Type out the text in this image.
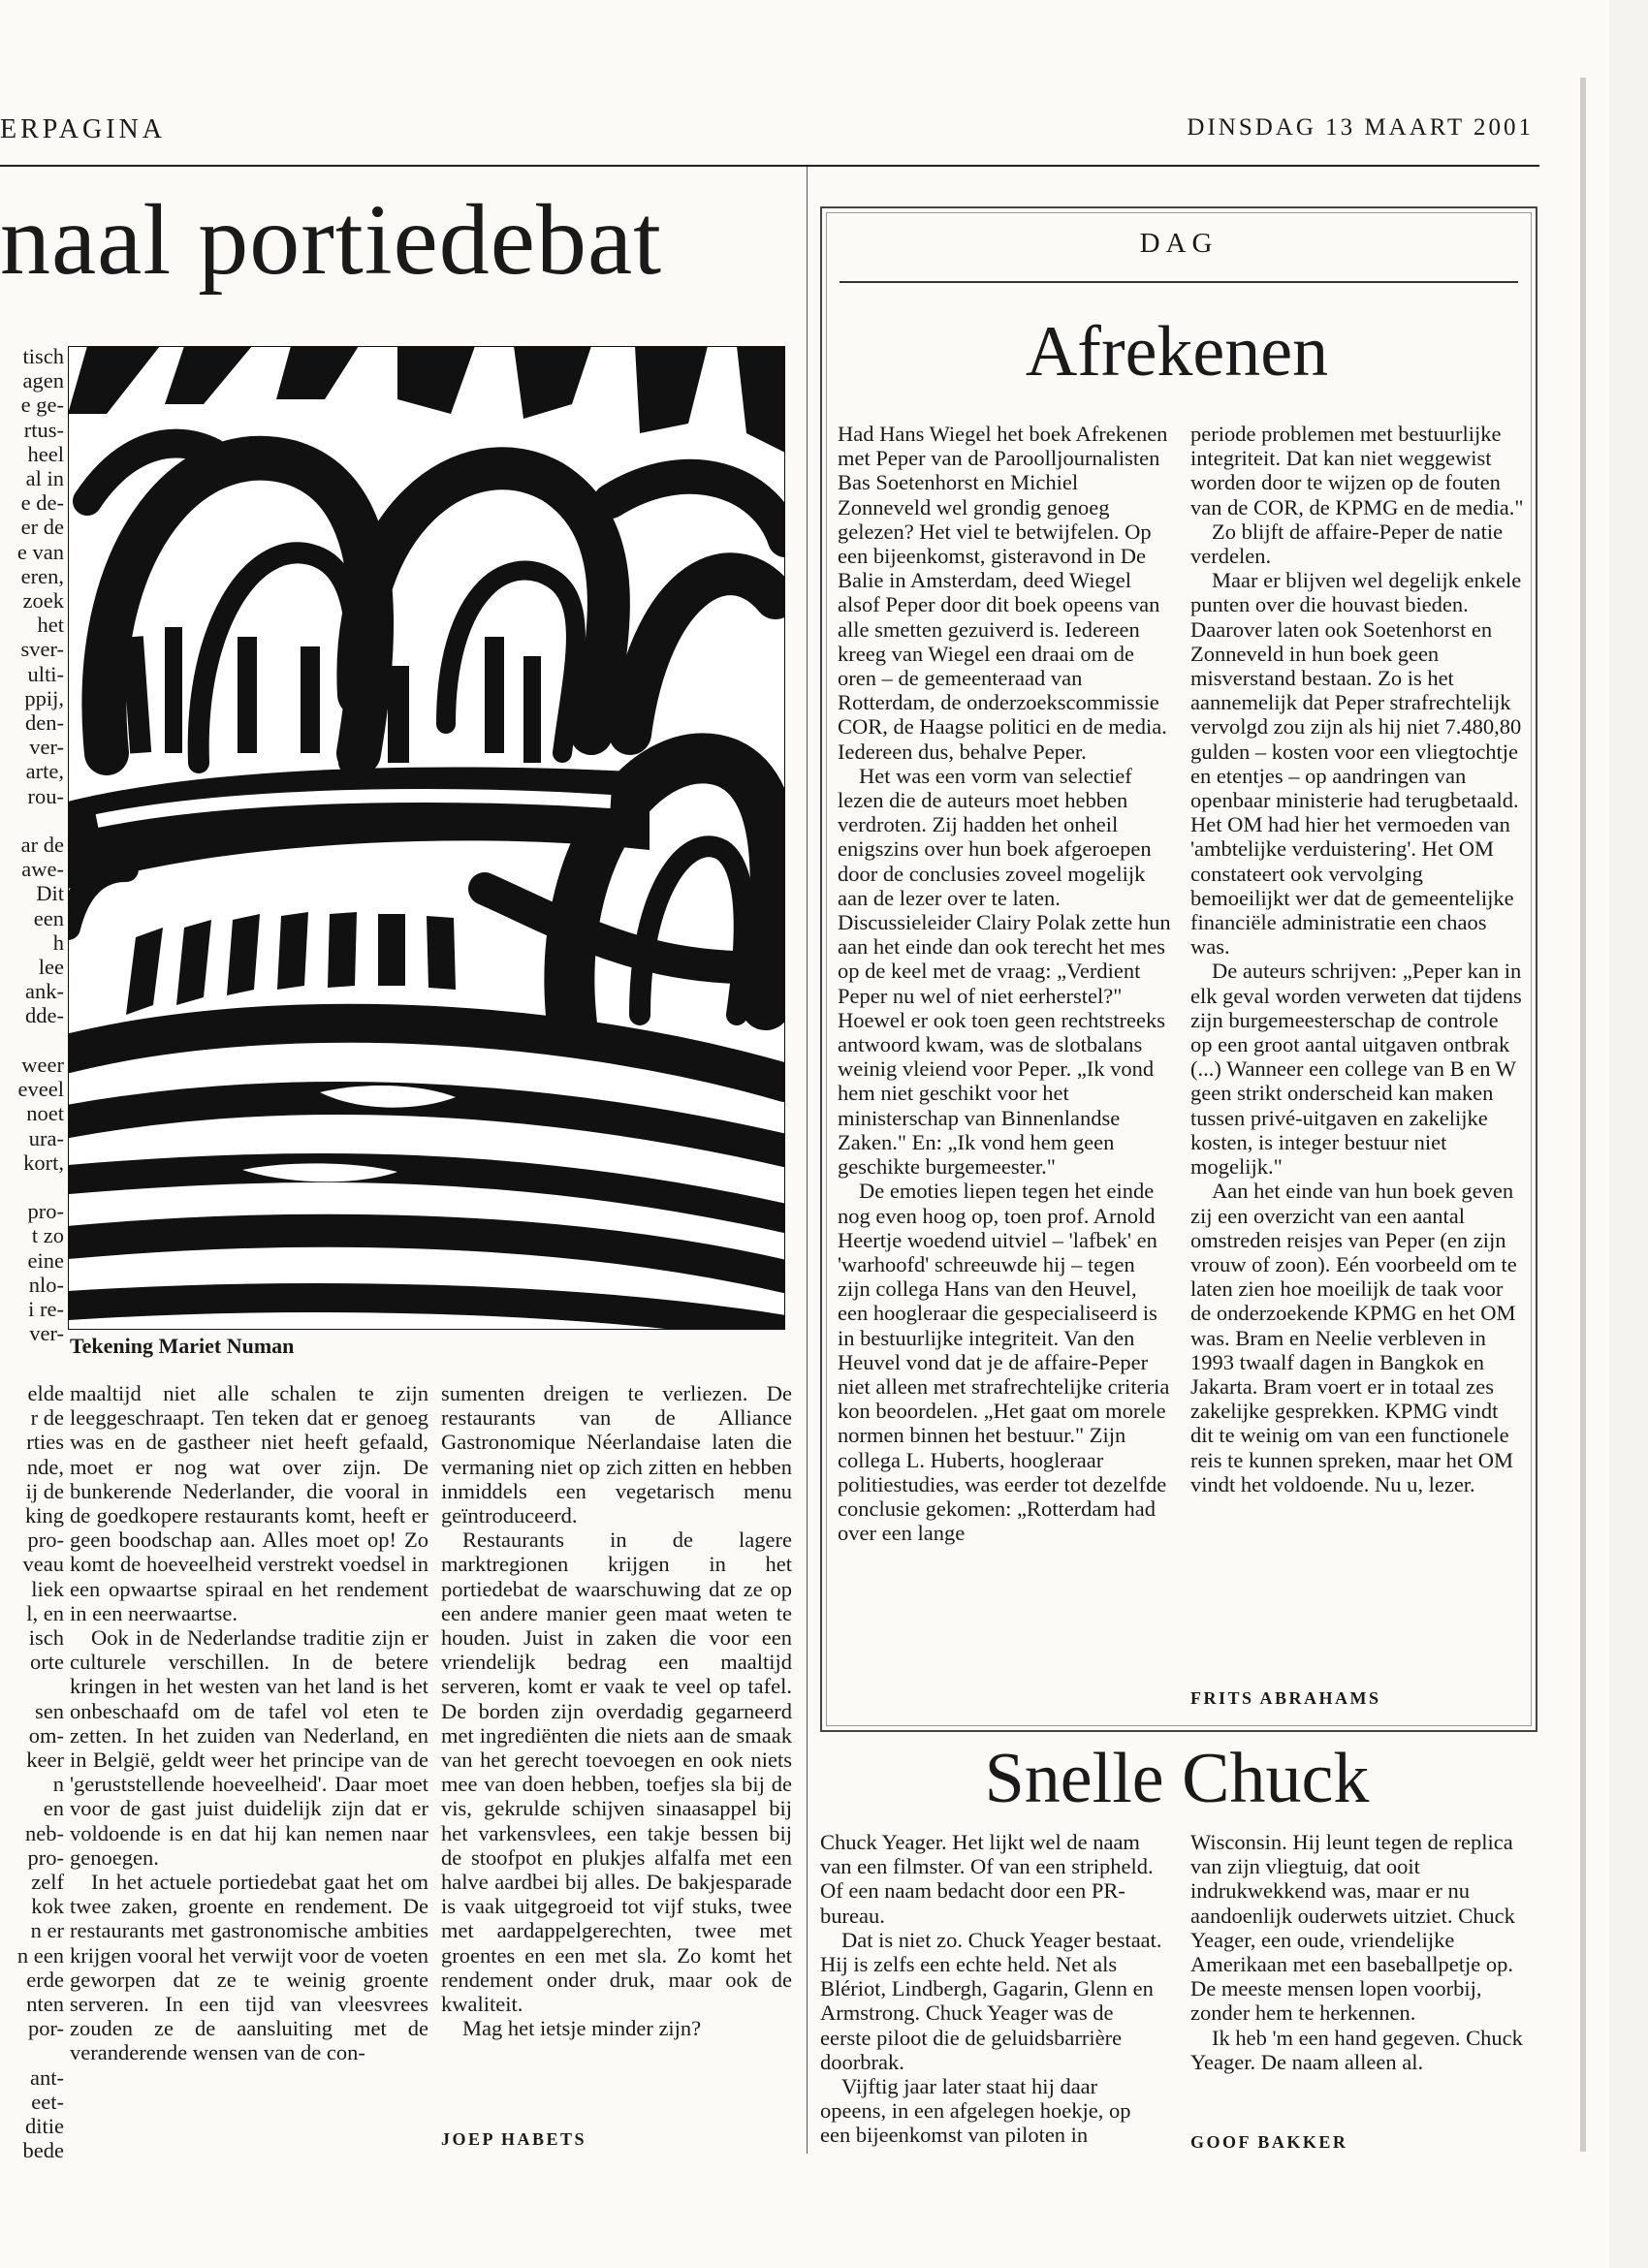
ERPAGINA	DINSDAG 13 MAART 2001
naal portiedebat
tisch
agen
e ge-
rtus-
heel
al in
e de-
er de
e van
eren,
zoek
het
sver-
ulti-
ppij,
den-
ver-
arte,
rou-

ar de
awe-
Dit
een
h
lee
ank-
dde-

weer
eveel
noet
ura-
kort,

pro-
t zo
eine
nlo-
i re-
ver-
elde
r de
rties
nde,
ij de
king
pro-
veau
liek
l, en
isch
orte

sen
om-
keer
n
en
neb-
pro-
zelf
kok
n er
n een
erde
nten
por-

ant-
eet-
ditie
bede
Tekening Mariet Numan

maaltijd niet alle schalen te zijn leeggeschraapt. Ten teken dat er genoeg was en de gastheer niet heeft gefaald, moet er nog wat over zijn. De bunkerende Nederlander, die vooral in de goedkopere restaurants komt, heeft er geen boodschap aan. Alles moet op! Zo komt de hoeveelheid verstrekt voedsel in een opwaartse spiraal en het rendement in een neerwaartse.

Ook in de Nederlandse traditie zijn er culturele verschillen. In de betere kringen in het westen van het land is het onbeschaafd om de tafel vol eten te zetten. In het zuiden van Nederland, en in België, geldt weer het principe van de 'geruststellende hoeveelheid'. Daar moet voor de gast juist duidelijk zijn dat er voldoende is en dat hij kan nemen naar genoegen.

In het actuele portiedebat gaat het om twee zaken, groente en rendement. De restaurants met gastronomische ambities krijgen vooral het verwijt voor de voeten geworpen dat ze te weinig groente serveren. In een tijd van vleesvrees zouden ze de aansluiting met de veranderende wensen van de con-

sumenten dreigen te verliezen. De restaurants van de Alliance Gastronomique Néerlandaise laten die vermaning niet op zich zitten en hebben inmiddels een vegetarisch menu geïntroduceerd.

Restaurants in de lagere marktregionen krijgen in het portiedebat de waarschuwing dat ze op een andere manier geen maat weten te houden. Juist in zaken die voor een vriendelijk bedrag een maaltijd serveren, komt er vaak te veel op tafel. De borden zijn overdadig gegarneerd met ingrediënten die niets aan de smaak van het gerecht toevoegen en ook niets mee van doen hebben, toefjes sla bij de vis, gekrulde schijven sinaasappel bij het varkensvlees, een takje bessen bij de stoofpot en plukjes alfalfa met een halve aardbei bij alles. De bakjesparade is vaak uitgegroeid tot vijf stuks, twee met aardappelgerechten, twee met groentes en een met sla. Zo komt het rendement onder druk, maar ook de kwaliteit.

Mag het ietsje minder zijn?

JOEP HABETS
DAG
Afrekenen

Had Hans Wiegel het boek Afrekenen met Peper van de Paroolljournalisten Bas Soetenhorst en Michiel Zonneveld wel grondig genoeg gelezen? Het viel te betwijfelen. Op een bijeenkomst, gisteravond in De Balie in Amsterdam, deed Wiegel alsof Peper door dit boek opeens van alle smetten gezuiverd is. Iedereen kreeg van Wiegel een draai om de oren – de gemeenteraad van Rotterdam, de onderzoekscommissie COR, de Haagse politici en de media. Iedereen dus, behalve Peper.

Het was een vorm van selectief lezen die de auteurs moet hebben verdroten. Zij hadden het onheil enigszins over hun boek afgeroepen door de conclusies zoveel mogelijk aan de lezer over te laten. Discussieleider Clairy Polak zette hun aan het einde dan ook terecht het mes op de keel met de vraag: „Verdient Peper nu wel of niet eerherstel?" Hoewel er ook toen geen rechtstreeks antwoord kwam, was de slotbalans weinig vleiend voor Peper. „Ik vond hem niet geschikt voor het ministerschap van Binnenlandse Zaken." En: „Ik vond hem geen geschikte burgemeester."

De emoties liepen tegen het einde nog even hoog op, toen prof. Arnold Heertje woedend uitviel – 'lafbek' en 'warhoofd' schreeuwde hij – tegen zijn collega Hans van den Heuvel, een hoogleraar die gespecialiseerd is in bestuurlijke integriteit. Van den Heuvel vond dat je de affaire-Peper niet alleen met strafrechtelijke criteria kon beoordelen. „Het gaat om morele normen binnen het bestuur." Zijn collega L. Huberts, hoogleraar politiestudies, was eerder tot dezelfde conclusie gekomen: „Rotterdam had over een lange

periode problemen met bestuurlijke integriteit. Dat kan niet weggewist worden door te wijzen op de fouten van de COR, de KPMG en de media."

Zo blijft de affaire-Peper de natie verdelen.

Maar er blijven wel degelijk enkele punten over die houvast bieden. Daarover laten ook Soetenhorst en Zonneveld in hun boek geen misverstand bestaan. Zo is het aannemelijk dat Peper strafrechtelijk vervolgd zou zijn als hij niet 7.480,80 gulden – kosten voor een vliegtochtje en etentjes – op aandringen van openbaar ministerie had terugbetaald. Het OM had hier het vermoeden van 'ambtelijke verduistering'. Het OM constateert ook vervolging bemoeilijkt wer dat de gemeentelijke financiële administratie een chaos was.

De auteurs schrijven: „Peper kan in elk geval worden verweten dat tijdens zijn burgemeesterschap de controle op een groot aantal uitgaven ontbrak (...) Wanneer een college van B en W geen strikt onderscheid kan maken tussen privé-uitgaven en zakelijke kosten, is integer bestuur niet mogelijk."

Aan het einde van hun boek geven zij een overzicht van een aantal omstreden reisjes van Peper (en zijn vrouw of zoon). Eén voorbeeld om te laten zien hoe moeilijk de taak voor de onderzoekende KPMG en het OM was. Bram en Neelie verbleven in 1993 twaalf dagen in Bangkok en Jakarta. Bram voert er in totaal zes zakelijke gesprekken. KPMG vindt dit te weinig om van een functionele reis te kunnen spreken, maar het OM vindt het voldoende. Nu u, lezer.

FRITS ABRAHAMS
Snelle Chuck

Chuck Yeager. Het lijkt wel de naam van een filmster. Of van een stripheld. Of een naam bedacht door een PR-bureau.

Dat is niet zo. Chuck Yeager bestaat. Hij is zelfs een echte held. Net als Blériot, Lindbergh, Gagarin, Glenn en Armstrong. Chuck Yeager was de eerste piloot die de geluidsbarrière doorbrak.

Vijftig jaar later staat hij daar opeens, in een afgelegen hoekje, op een bijeenkomst van piloten in

Wisconsin. Hij leunt tegen de replica van zijn vliegtuig, dat ooit indrukwekkend was, maar er nu aandoenlijk ouderwets uitziet. Chuck Yeager, een oude, vriendelijke Amerikaan met een baseballpetje op. De meeste mensen lopen voorbij, zonder hem te herkennen.

Ik heb 'm een hand gegeven. Chuck Yeager. De naam alleen al.

GOOF BAKKER
